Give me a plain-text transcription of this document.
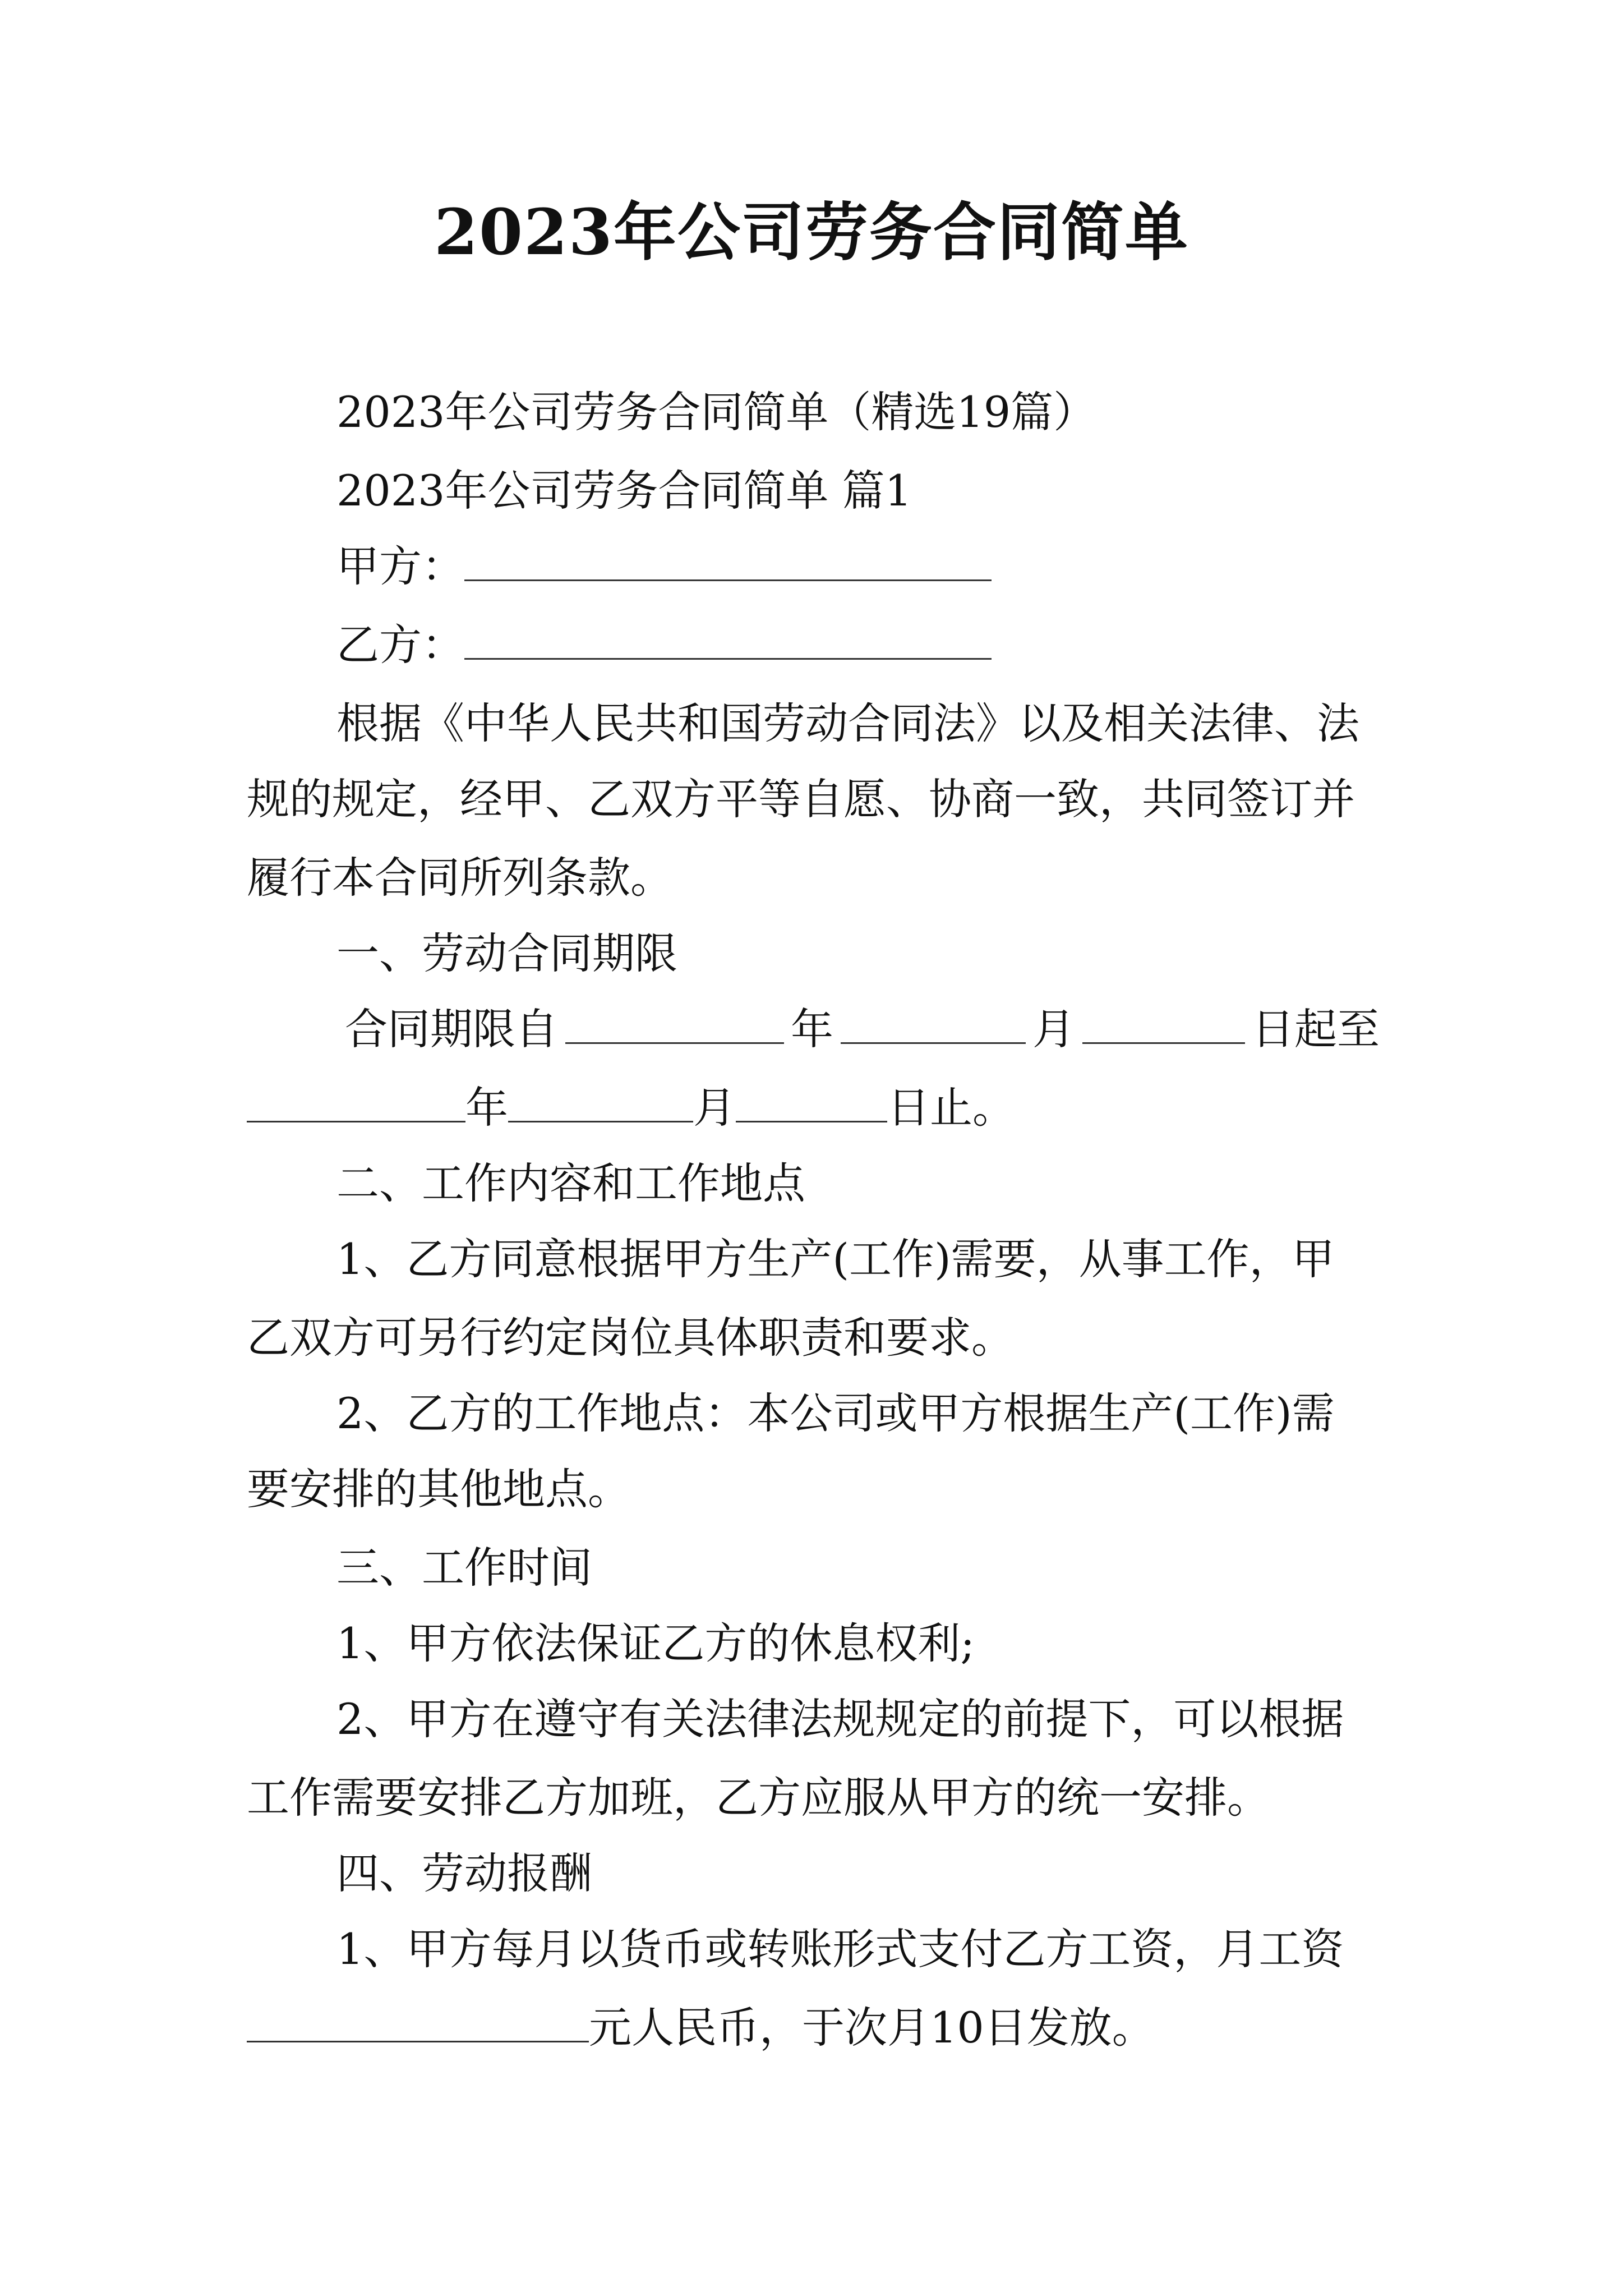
2023年公司劳务合同简单
2023年公司劳务合同简单（精选19篇）
2023年公司劳务合同简单 篇1
甲方：
乙方：
根据《中华人民共和国劳动合同法》以及相关法律、法
规的规定，经甲、乙双方平等自愿、协商一致，共同签订并
履行本合同所列条款。
一、劳动合同期限
合同期限自	年	月	日起至
年	月	日止。
二、工作内容和工作地点
1、乙方同意根据甲方生产(工作)需要，从事工作，甲
乙双方可另行约定岗位具体职责和要求。
2、乙方的工作地点：本公司或甲方根据生产(工作)需
要安排的其他地点。
三、工作时间
1、甲方依法保证乙方的休息权利;
2、甲方在遵守有关法律法规规定的前提下，可以根据
工作需要安排乙方加班，乙方应服从甲方的统一安排。
四、劳动报酬
1、甲方每月以货币或转账形式支付乙方工资，月工资
元人民币，于次月10日发放。
